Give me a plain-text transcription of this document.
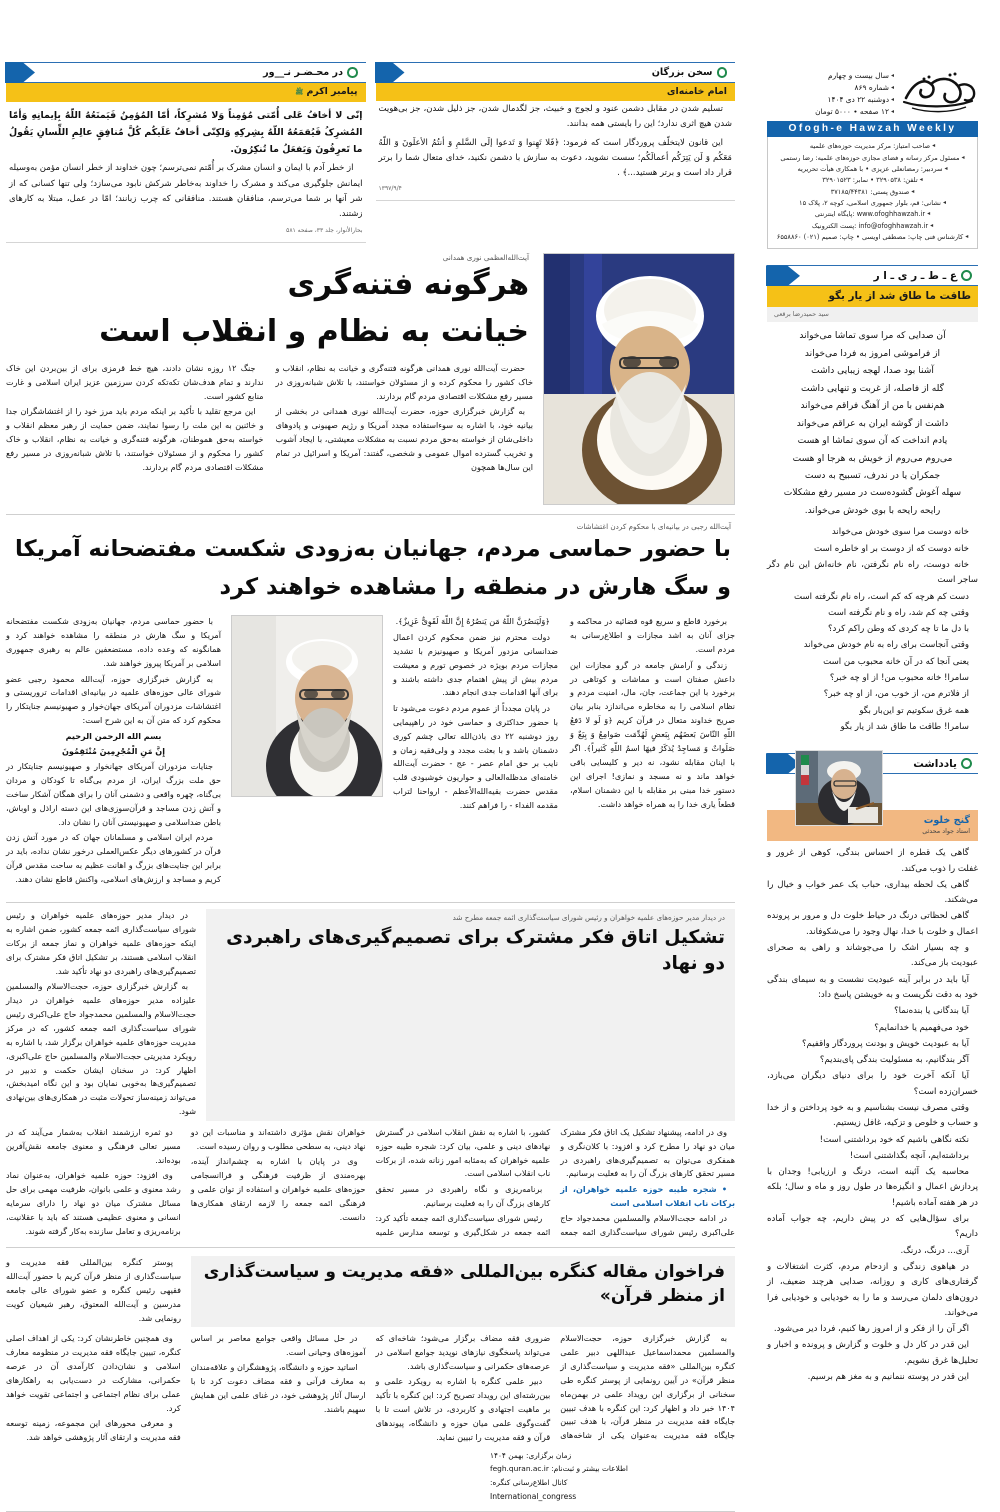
سخن بزرگان
امام خامنه‌ای
تسلیم شدن در مقابل دشمن عنود و لجوج و خبیث، جز لگدمال شدن، جز ذلیل شدن، جز بی‌هویت شدن هیچ اثری ندارد؛ این را بایستی همه بدانند.
این قانون لایتخلّف پروردگار است که فرمود: ﴿فَلا تَهِنوا وَ تَدعوا إلَی السَّلمِ وَ أنتُمُ الأعلَونَ وَ اللّهُ مَعَکُم وَ لَن یَتِرَکُم أعمالَکُم؛ سست نشوید، دعوت به سازش با دشمن نکنید، خدای متعال شما را برتر قرار داد است و برتر هستید...﴾ .
۱۳۹۷/۹/۴
در محـضـر نـ__ور
پیامبر اکرم ﷺ
إنّی لا أخافُ عَلی أُمّتی مُؤمِناً وَلا مُشرِکاً، أمّا المُؤمِنُ فَیَمنَعُهُ اللّهُ بِإیمانِهِ وَأمّا المُشرِکُ فَیُقمَعُهُ اللّهُ بِشِرکِهِ وَلکِنّی أخافُ عَلَیکُم کُلَّ مُنافِقٍ عالِمِ اللِّسانِ یَقُولُ ما تَعرِفُونَ وَیَفعَلُ ما تُنکِرُونَ.
از خطر آدم با ایمان و انسان مشرک بر أُمّتم نمی‌ترسم؛ چون خداوند از خطر انسان مؤمن به‌وسیله ایمانش جلوگیری می‌کند و مشرک را خداوند به‌خاطر شرکش نابود می‌سازد؛ ولی تنها کسانی که از شر آنها بر شما می‌ترسم، منافقان هستند. منافقانی که چرب زبانند؛ امّا در عمل، مبتلا به کارهای زشتند.
بحارالأنوار، جلد ۳۳، صفحه ۵۸۱
آیت‌الله‌العظمی نوری همدانی
هرگونه فتنه‌گری
خیانت به نظام و انقلاب است

حضرت آیت‌الله نوری همدانی هرگونه فتنه‌گری و خیانت به نظام، انقلاب و خاک کشور را محکوم کرده و از مسئولان خواستند، با تلاش شبانه‌روزی در مسیر رفع مشکلات اقتصادی مردم گام بردارند.

به گزارش خبرگزاری حوزه، حضرت آیت‌الله نوری همدانی در بخشی از بیانیه خود، با اشاره به سوءاستفاده مجدد آمریکا و رژیم صهیونی و پادوهای داخلی‌شان از خواسته به‌حق مردم نسبت به مشکلات معیشتی، با ایجاد آشوب و تخریب گسترده اموال عمومی و شخصی، گفتند: آمریکا و اسرائیل در تمام این سال‌ها همچون

جنگ ۱۲ روزه نشان دادند، هیچ خط قرمزی برای از بین‌بردن این خاک ندارند و تمام هدف‌شان تکه‌تکه کردن سرزمین عزیز ایران اسلامی و غارت منابع کشور است.

این مرجع تقلید با تأکید بر اینکه مردم باید مرز خود را از اغتشاشگران جدا و خائنین به این ملت را رسوا نمایند، ضمن حمایت از رهبر معظم انقلاب و خواسته به‌حق هموطنان، هرگونه فتنه‌گری و خیانت به نظام، انقلاب و خاک کشور را محکوم و از مسئولان خواستند، با تلاش شبانه‌روزی در مسیر رفع مشکلات اقتصادی مردم گام بردارند.

آیت‌الله رجبی در بیانیه‌ای با محکوم کردن اغتشاشات
با حضور حماسی مردم، جهانیان به‌زودی شکست مفتضحانه آمریکا
و سگ هارش در منطقه را مشاهده خواهند کرد

برخورد قاطع و سریع قوه قضائیه در محاکمه و جزای آنان به اشد مجازات و اطلاع‌رسانی به مردم است.

زندگی و آرامش جامعه در گرو مجازات این داعش صفتان است و مماشات و کوتاهی در برخورد با این جماعت، جان، مال، امنیت مردم و نظام اسلامی را به مخاطره می‌اندازد بنابر بیان صریح خداوند متعال در قرآن کریم ﴿وَ لَو لا دَفعُ اللّهِ النّاسَ بَعضَهُم بِبَعضٍ لَهُدِّمَت صَوامِعُ وَ بِیَعٌ وَ صَلَواتٌ وَ مَساجِدُ یُذکَرُ فیهَا اسمُ اللّهِ کَثیراً﴾. اگر با اینان مقابله نشود، نه دیر و کلیسایی باقی خواهد ماند و نه مسجد و نمازی! اجرای این دستور خدا مبنی بر مقابله با این دشمنان اسلام، قطعاً یاری خدا را به همراه خواهد داشت.

﴿وَلَیَنصُرَنَّ اللّهُ مَن یَنصُرُهُ إِنَّ اللّهَ لَقَوِیٌّ عَزِیزٌ﴾.

دولت محترم نیز ضمن محکوم کردن اعمال ضدانسانی مزدور آمریکا و صهیونیزم با تشدید مجازات مردم بویژه در خصوص تورم و معیشت مردم بیش از پیش اهتمام جدی داشته باشند و برای آنها اقدامات جدی انجام دهند.

در پایان مجدداً از عموم مردم دعوت می‌شود تا با حضور حداکثری و حماسی خود در راهپیمایی روز دوشنبه ۲۲ دی باذن‌الله تعالی چشم کوری دشمنان باشد و با بعثت مجدد و ولی‌فقیه زمان و نایب بر حق امام عصر - عج - حضرت آیت‌الله خامنه‌ای مدظله‌العالی و حواریون خوشبودی قلب مقدس حضرت بقیه‌الله‌الأعظم - ارواحنا لتراب مقدمه الفداء - را فراهم کنند.

با حضور حماسی مردم، جهانیان به‌زودی شکست مفتضحانه آمریکا و سگ هارش در منطقه را مشاهده خواهند کرد و همانگونه که وعده داده، مستضعفین عالم به رهبری جمهوری اسلامی بر آمریکا پیروز خواهند شد.

به گزارش خبرگزاری حوزه، آیت‌الله محمود رجبی عضو شورای عالی حوزه‌های علمیه در بیانیه‌ای اقدامات تروریستی و اغتشاشات مزدوران آمریکای جهان‌خوار و صهیونیسم جنایتکار را محکوم کرد که متن آن به این شرح است:

بسم الله الرحمن الرحیم

إِنَّ مَنِ الْمُجْرِمِینَ مُنْتَقِمُونَ

جنایات مزدوران آمریکای جهانخوار و صهیونیسم جنایتکار در حق ملت بزرگ ایران، از مردم بی‌گناه تا کودکان و مردان بی‌گناه، چهره واقعی و دشمنی آنان را برای همگان آشکار ساخت و آتش زدن مساجد و قرآن‌سوزی‌های این دسته اراذل و اوباش، باطن ضداسلامی و صهیونیستی آنان را نشان داد.

مردم ایران اسلامی و مسلمانان جهان که در مورد آتش زدن قرآن در کشورهای دیگر عکس‌العملی درخور نشان نداده، باید در برابر این جنایت‌های بزرگ و اهانت عظیم به ساحت مقدس قرآن کریم و مساجد و ارزش‌های اسلامی، واکنش قاطع نشان دهند.

در دیدار مدیر حوزه‌های علمیه خواهران و رئیس شورای سیاست‌گذاری ائمه جمعه مطرح شد
تشکیل اتاق فکر مشترک برای تصمیم‌گیری‌های راهبردی دو نهاد

در دیدار مدیر حوزه‌های علمیه خواهران و رئیس شورای سیاست‌گذاری ائمه جمعه کشور، ضمن اشاره به اینکه حوزه‌های علمیه خواهران و نماز جمعه از برکات انقلاب اسلامی هستند، بر تشکیل اتاق فکر مشترک برای تصمیم‌گیری‌های راهبردی دو نهاد تأکید شد.

به گزارش خبرگزاری حوزه، حجت‌الاسلام والمسلمین علیزاده مدیر حوزه‌های علمیه خواهران در دیدار حجت‌الاسلام والمسلمین محمدجواد حاج علی‌اکبری رئیس شورای سیاست‌گذاری ائمه جمعه کشور، که در مرکز مدیریت حوزه‌های علمیه خواهران برگزار شد، با اشاره به رویکرد مدیریتی حجت‌الاسلام والمسلمین حاج علی‌اکبری، اظهار کرد: در سخنان ایشان حکمت و تدبیر در تصمیم‌گیری‌ها به‌خوبی نمایان بود و این نگاه امیدبخش، می‌تواند زمینه‌ساز تحولات مثبت در همکاری‌های بین‌نهادی شود.

وی در ادامه، پیشنهاد تشکیل یک اتاق فکر مشترک میان دو نهاد را مطرح کرد و افزود: با کلان‌نگری و همفکری می‌توان به تصمیم‌گیری‌های راهبردی در مسیر تحقق کارهای بزرگ آن را به فعلیت برسانیم.

• شجره طیبه حوزه علمیه خواهران، از برکات ناب انقلاب اسلامی است

در ادامه حجت‌الاسلام والمسلمین محمدجواد حاج علی‌اکبری رئیس شورای سیاست‌گذاری ائمه جمعه کشور، با اشاره به نقش انقلاب اسلامی در گسترش نهادهای دینی و علمی، بیان کرد: شجره طیبه حوزه علمیه خواهران که به‌مثابه امور زنانه شده، از برکات ناب انقلاب اسلامی است.

برنامه‌ریزی و نگاه راهبردی در مسیر تحقق کارهای بزرگ آن را به فعلیت برسانیم.

رئیس شورای سیاست‌گذاری ائمه جمعه تأکید کرد: ائمه جمعه در شکل‌گیری و توسعه مدارس علمیه خواهران نقش مؤثری داشته‌اند و مناسبات این دو نهاد دینی، به سطحی مطلوب و روان رسیده است.

وی در پایان با اشاره به چشم‌انداز آینده، بهره‌مندی از ظرفیت فرهنگی و فرا‌انسجامی حوزه‌های علمیه خواهران و استفاده از توان علمی و فرهنگی ائمه جمعه را لازمه ارتقای همکاری‌ها دانست.

دو ثمره ارزشمند انقلاب به‌شمار می‌آیند که در مسیر تعالی فرهنگی و معنوی جامعه نقش‌آفرین بوده‌اند.

وی افزود: حوزه علمیه خواهران، به‌عنوان نماد رشد معنوی و علمی بانوان، ظرفیت مهمی برای حل مسائل مشترک میان دو نهاد را دارای سرمایه انسانی و معنوی عظیمی هستند که باید با عقلانیت، برنامه‌ریزی و تعامل سازنده به‌کار گرفته شوند.

فراخوان مقاله کنگره بین‌المللی «فقه مدیریت و سیاست‌گذاری از منظر قرآن»

پوستر کنگره بین‌المللی فقه مدیریت و سیاست‌گذاری از منظر قرآن کریم با حضور آیت‌الله فقیهی رئیس کنگره و عضو شورای عالی جامعه مدرسین و آیت‌الله المعتوق، رهبر شیعیان کویت رونمایی شد.

به گزارش خبرگزاری حوزه، حجت‌الاسلام والمسلمین محمداسماعیل عبداللهی دبیر علمی کنگره بین‌المللی «فقه مدیریت و سیاست‌گذاری از منظر قرآن» در آیین رونمایی از پوستر کنگره طی سخنانی از برگزاری این رویداد علمی در بهمن‌ماه ۱۴۰۴ خبر داد و اظهار کرد: این کنگره با هدف تبیین جایگاه فقه مدیریت در منظر قرآن، با هدف تبیین جایگاه فقه مدیریت به‌عنوان یکی از شاخه‌های ضروری فقه مضاف برگزار می‌شود؛ شاخه‌ای که می‌تواند پاسخگوی نیازهای نوپدید جوامع اسلامی در عرصه‌های حکمرانی و سیاست‌گذاری باشد.

دبیر علمی کنگره با اشاره به رویکرد علمی و بین‌رشته‌ای این رویداد تصریح کرد: این کنگره با تأکید بر ماهیت اجتهادی و کاربردی، در تلاش است تا با گفت‌وگوی علمی میان حوزه و دانشگاه، پیوندهای قرآن و فقه مدیریت را تبیین نماید.

در حل مسائل واقعی جوامع معاصر بر اساس آموزه‌های وحیانی است.

اساتید حوزه و دانشگاه، پژوهشگران و علاقه‌مندان به معارف قرآنی و فقه مضاف دعوت کرد تا با ارسال آثار پژوهشی خود، در غنای علمی این همایش سهیم باشند.

وی همچنین خاطرنشان کرد: یکی از اهداف اصلی کنگره، تبیین جایگاه فقه مدیریت در منظومه معارف اسلامی و نشان‌دادن کارآمدی آن در عرصه حکمرانی، مشارکت در دست‌یابی به راهکارهای عملی برای نظام اجتماعی و اجتماعی تقویت خواهد کرد.

و معرفی محورهای این مجموعه، زمینه توسعه فقه مدیریت و ارتقای آثار پژوهشی خواهد شد.

زمان برگزاری: بهمن ۱۴۰۴
اطلاعات بیشتر و ثبت‌نام: fegh.quran.ac.ir
کانال اطلاع‌رسانی کنگره:
International_congress
◂سال بیست و چهارم
◂شماره ۸۶۹
◂دوشنبه ۲۲ دی ۱۴۰۴
◂۱۲ صفحه • ۵۰۰۰ تومان
Ofogh-e Hawzah Weekly
◂صاحب امتیاز: مرکز مدیریت حوزه‌های علمیه
◂مسئول مرکز رسانه و فضای مجازی حوزه‌های علمیه: رضا رستمی
◂سردبیر: رمضانعلی عزیزی • با همکاری هیأت تحریریه
◂تلفن: ۳۲۹۰۵۳۸ • نمابر: ۳۲۹۰۱۵۲۳
◂صندوق پستی: ۳۷۱۸۵/۴۴۳۸۱
◂نشانی: قم، بلوار جمهوری اسلامی، کوچه ۲، پلاک ۱۵
◂پایگاه اینترنتی: www.ofoghhawzah.ir
◂پست الکترونیک: info@ofoghhawzah.ir
◂کارشناس فنی چاپ: مصطفی اویسی • چاپ: صمیم (۰۲۱) ۶۵۵۸۸۶۰
ع ـ ط ـ ر ی ـ ا ر
طاقت ما طاق شد از یار بگو
سید حمیدرضا برقعی

آن صدایی که مرا سوی تماشا می‌خواند

از فراموشی امروز به فردا می‌خواند

آشنا بود صدا، لهجه زیبایی داشت

گله از فاصله، از غربت و تنهایی داشت

هم‌نفس با من از آهنگ فراقم می‌خواند

داشت از گوشه ایران به عراقم می‌خواند

یادم انداخت که آن سوی تماشا او هست

می‌روم می‌روم از خویش به هرجا او هست

جمکران یا در ندرف، تسبیح به دست

سهله آغوش گشوده‌ست در مسیر رفع مشکلات

رایحه رایحه با بوی خودش می‌خواند.

خانه دوست مرا سوی خودش می‌خواند

خانه دوست که از دوست بر او خاطره است

خانه دوست، راه نام نگرفتن، نام خانه‌اش این نام دگر ساجر است

دست کم هرچه که کم است، راه نام نگرفته است

وقتی چه کم شد، راه و نام نگرفته است

با دل ما تا چه کردی که وطن راکم کرد؟

وقتی آنجاست برای راه به نام خودش می‌خواند

یعنی آنجا که در آن خانه محبوب من است

سامرا! خانه محبوب من! از او چه خبر؟

از فلاترم من، از خوب من، از او چه خبر؟

همه غرق سکوتیم تو این‌بار بگو

سامرا! طاقت ما طاق شد از یار بگو

یادداشت
گنج خلوت
استاد جواد محدثی

گاهی یک قطره از احساس بندگی، کوهی از غرور و غفلت را ذوب می‌کند.

گاهی یک لحظه بیداری، حباب یک عمر خواب و خیال را می‌شکند.

گاهی لحظاتی درنگ در حیاط خلوت دل و مرور بر پرونده اعمال و خلوت با خدا، نهال وجود را می‌شکوفاند.

و چه بسیار اشک را می‌جوشاند و راهی به صحرای عبودیت باز می‌کند.

آیا باید در برابر آینه عبودیت نشست و به سیمای بندگی خود به دقت نگریست و به خویشتن پاسخ داد:

آیا بندگانی یا بنده‌نما؟

خود می‌فهمیم یا خدانمایم؟

آیا به عبودیت خویش و بودنت پروردگار واقفیم؟

آگر بندگانیم، به مسئولیت بندگی پای‌بندیم؟

آیا آنکه آخرت خود را برای دنیای دیگران می‌بازد، خسران‌زده است؟

وقتی مصرف نیست بشناسیم و به خود پرداختن و از خدا و حساب و خلوص و تزکیه، غافل زیستیم.

نکته نگاهی باشیم که خود برداشتنی است!

برداشته‌ایم، آنچه بگذاشتنی است!

محاسبه یک آئینه است، درنگ و ارزیابی! وجدان با پردازش اعمال و انگیزه‌ها در طول روز و ماه و سال؛ بلکه در هر هفته آماده باشیم!

برای سؤال‌هایی که در پیش داریم، چه جواب آماده داریم؟

آری... درنگ، درنگ.

در هیاهوی زندگی و ازدحام مردم، کثرت اشتغالات و گرفتاری‌های کاری و روزانه، صدایی هرچند ضعیف، از درون‌های دلمان می‌رسد و ما را به خودیابی و خودیابی فرا می‌خواند.

اگر آن را از فکر و از امروز رها کنیم، فردا دیر می‌شود.

این قدر در کار دل و خلوت و گزارش و پرونده و اخبار و تحلیل‌ها غرق نشویم.

این قدر در پوسته ننمانیم و به مغز هم برسیم.
